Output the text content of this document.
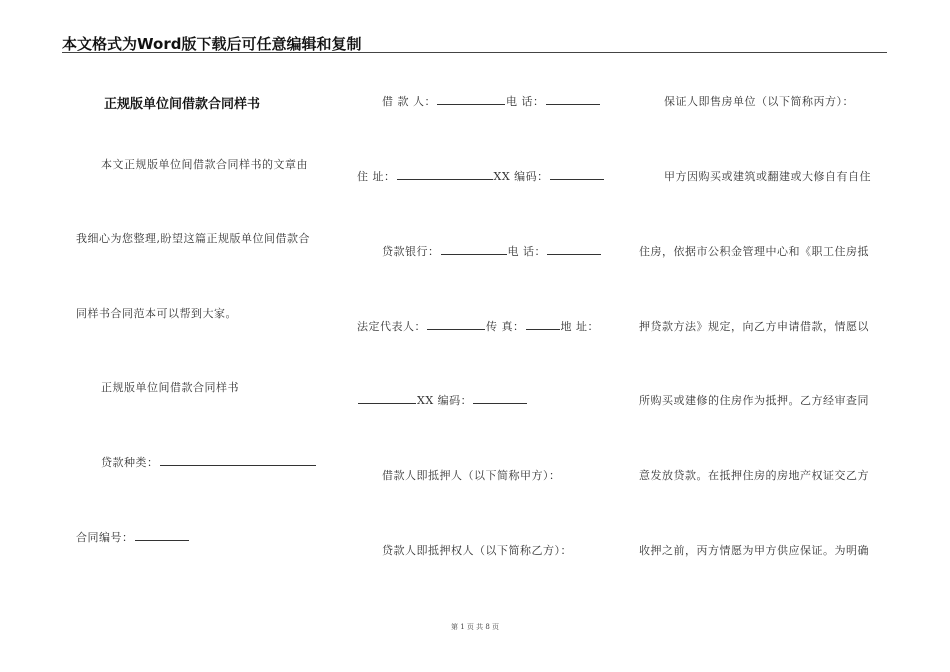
本文格式为Word版下载后可任意编辑和复制
正规版单位间借款合同样书
本文正规版单位间借款合同样书的文章由
我细心为您整理,盼望这篇正规版单位间借款合
同样书合同范本可以帮到大家。
正规版单位间借款合同样书
贷款种类：
合同编号：
借 款 人：	电 话：
住 址：	XX 编码：
贷款银行：	电 话：
法定代表人：	传 真：	地 址：
XX 编码：
借款人即抵押人（以下简称甲方）：
贷款人即抵押权人（以下简称乙方）：
保证人即售房单位（以下简称丙方）：
甲方因购买或建筑或翻建或大修自有自住
住房，依据市公积金管理中心和《职工住房抵
押贷款方法》规定，向乙方申请借款，情愿以
所购买或建修的住房作为抵押。乙方经审查同
意发放贷款。在抵押住房的房地产权证交乙方
收押之前，丙方情愿为甲方供应保证。为明确
第 1 页 共 8 页
